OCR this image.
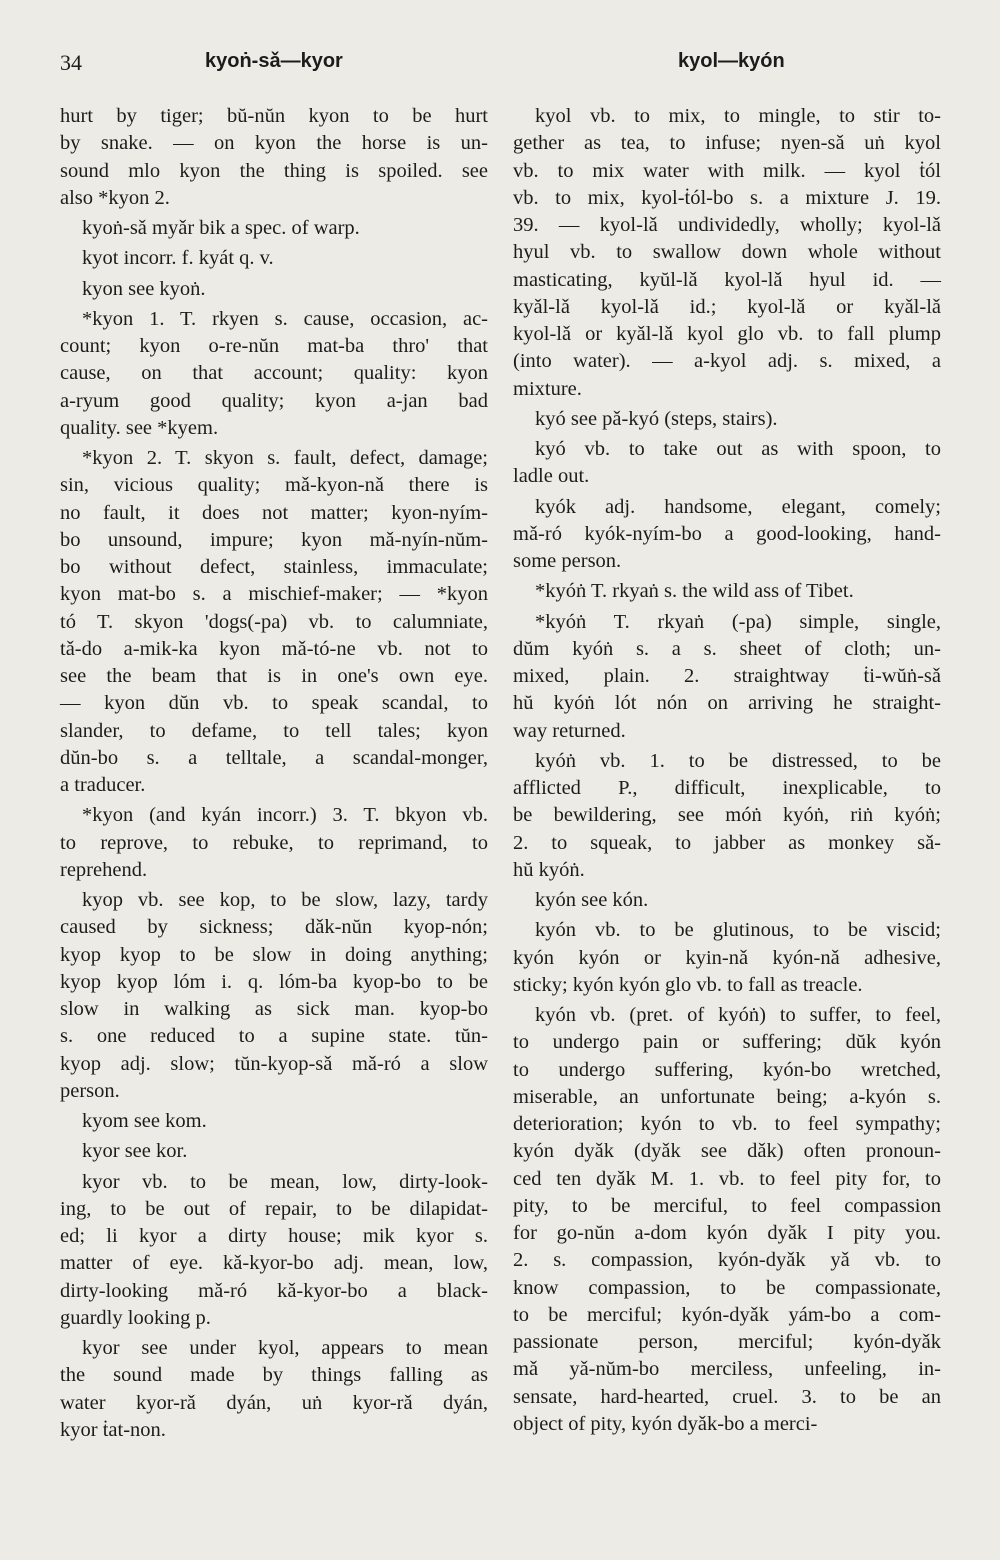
34	kyoṅ-sǎ—kyor	kyol—kyón
hurt by tiger; bŭ-nŭn kyon to be hurt
by snake. — on kyon the horse is un-
sound mlo kyon the thing is spoiled. see
also *kyon 2.
kyoṅ-sǎ myǎr bik a spec. of warp.
kyot incorr. f. kyát q. v.
kyon see kyoṅ.
*kyon 1. T. rkyen s. cause, occasion, ac-
count; kyon o-re-nŭn mat-ba thro' that
cause, on that account; quality: kyon
a-ryum good quality; kyon a-jan bad
quality. see *kyem.
*kyon 2. T. skyon s. fault, defect, damage;
sin, vicious quality; mǎ-kyon-nǎ there is
no fault, it does not matter; kyon-nyím-
bo unsound, impure; kyon mǎ-nyín-nŭm-
bo without defect, stainless, immaculate;
kyon mat-bo s. a mischief-maker; — *kyon
tó T. skyon 'dogs(-pa) vb. to calumniate,
tǎ-do a-mik-ka kyon mǎ-tó-ne vb. not to
see the beam that is in one's own eye.
— kyon dŭn vb. to speak scandal, to
slander, to defame, to tell tales; kyon
dŭn-bo s. a telltale, a scandal-monger,
a traducer.
*kyon (and kyán incorr.) 3. T. bkyon vb.
to reprove, to rebuke, to reprimand, to
reprehend.
kyop vb. see kop, to be slow, lazy, tardy
caused by sickness; dǎk-nŭn kyop-nón;
kyop kyop to be slow in doing anything;
kyop kyop lóm i. q. lóm-ba kyop-bo to be
slow in walking as sick man. kyop-bo
s. one reduced to a supine state. tŭn-
kyop adj. slow; tŭn-kyop-sǎ mǎ-ró a slow
person.
kyom see kom.
kyor see kor.
kyor vb. to be mean, low, dirty-look-
ing, to be out of repair, to be dilapidat-
ed; li kyor a dirty house; mik kyor s.
matter of eye. kǎ-kyor-bo adj. mean, low,
dirty-looking mǎ-ró kǎ-kyor-bo a black-
guardly looking p.
kyor see under kyol, appears to mean
the sound made by things falling as
water kyor-rǎ dyán, uṅ kyor-rǎ dyán,
kyor ṫat-non.
kyol vb. to mix, to mingle, to stir to-
gether as tea, to infuse; nyen-sǎ uṅ kyol
vb. to mix water with milk. — kyol ṫól
vb. to mix, kyol-ṫól-bo s. a mixture J. 19.
39. — kyol-lǎ undividedly, wholly; kyol-lǎ
hyul vb. to swallow down whole without
masticating, kyŭl-lǎ kyol-lǎ hyul id. —
kyǎl-lǎ kyol-lǎ id.; kyol-lǎ or kyǎl-lǎ
kyol-lǎ or kyǎl-lǎ kyol glo vb. to fall plump
(into water). — a-kyol adj. s. mixed, a
mixture.
kyó see pǎ-kyó (steps, stairs).
kyó vb. to take out as with spoon, to
ladle out.
kyók adj. handsome, elegant, comely;
mǎ-ró kyók-nyím-bo a good-looking, hand-
some person.
*kyóṅ T. rkyaṅ s. the wild ass of Tibet.
*kyóṅ T. rkyaṅ (-pa) simple, single,
dŭm kyóṅ s. a s. sheet of cloth; un-
mixed, plain. 2. straightway ṫi-wŭṅ-sǎ
hŭ kyóṅ lót nón on arriving he straight-
way returned.
kyóṅ vb. 1. to be distressed, to be
afflicted P., difficult, inexplicable, to
be bewildering, see móṅ kyóṅ, riṅ kyóṅ;
2. to squeak, to jabber as monkey sǎ-
hŭ kyóṅ.
kyón see kón.
kyón vb. to be glutinous, to be viscid;
kyón kyón or kyin-nǎ kyón-nǎ adhesive,
sticky; kyón kyón glo vb. to fall as treacle.
kyón vb. (pret. of kyóṅ) to suffer, to feel,
to undergo pain or suffering; dŭk kyón
to undergo suffering, kyón-bo wretched,
miserable, an unfortunate being; a-kyón s.
deterioration; kyón to vb. to feel sympathy;
kyón dyǎk (dyǎk see dǎk) often pronoun-
ced ten dyǎk M. 1. vb. to feel pity for, to
pity, to be merciful, to feel compassion
for go-nŭn a-dom kyón dyǎk I pity you.
2. s. compassion, kyón-dyǎk yǎ vb. to
know compassion, to be compassionate,
to be merciful; kyón-dyǎk yám-bo a com-
passionate person, merciful; kyón-dyǎk
mǎ yǎ-nŭm-bo merciless, unfeeling, in-
sensate, hard-hearted, cruel. 3. to be an
object of pity, kyón dyǎk-bo a merci-
